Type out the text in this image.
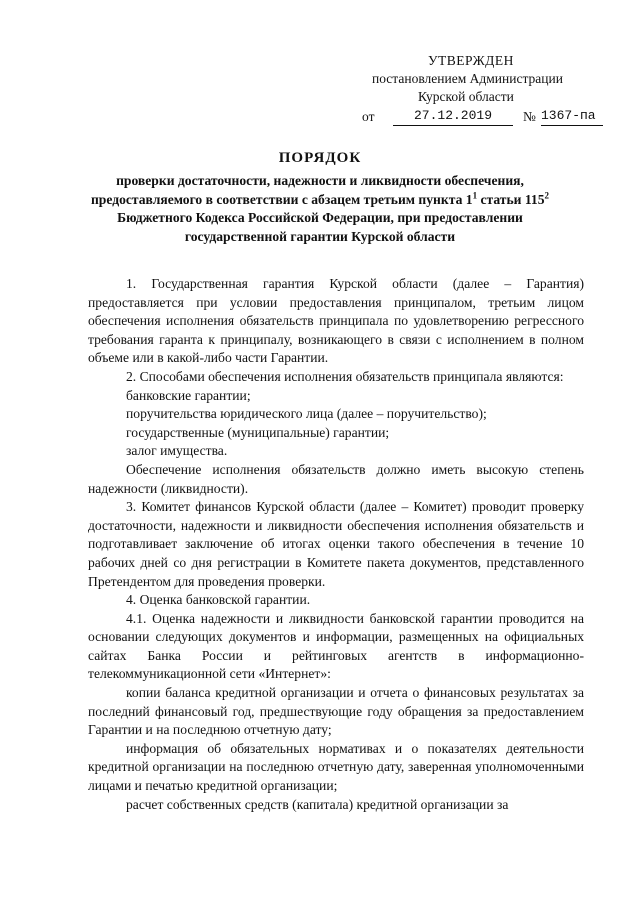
УТВЕРЖДЕН
постановлением Администрации
Курской области
от	27.12.2019	№ 1367-па
ПОРЯДОК
проверки достаточности, надежности и ликвидности обеспечения, предоставляемого в соответствии с абзацем третьим пункта $1^1$ статьи $115^2$ Бюджетного Кодекса Российской Федерации, при предоставлении государственной гарантии Курской области

1. Государственная гарантия Курской области (далее – Гарантия) предоставляется при условии предоставления принципалом, третьим лицом обеспечения исполнения обязательств принципала по удовлетворению регрессного требования гаранта к принципалу, возникающего в связи с исполнением в полном объеме или в какой-либо части Гарантии.

2. Способами обеспечения исполнения обязательств принципала являются:

банковские гарантии;

поручительства юридического лица (далее – поручительство);

государственные (муниципальные) гарантии;

залог имущества.

Обеспечение исполнения обязательств должно иметь высокую степень надежности (ликвидности).

3. Комитет финансов Курской области (далее – Комитет) проводит проверку достаточности, надежности и ликвидности обеспечения исполнения обязательств и подготавливает заключение об итогах оценки такого обеспечения в течение 10 рабочих дней со дня регистрации в Комитете пакета документов, представленного Претендентом для проведения проверки.

4. Оценка банковской гарантии.

4.1. Оценка надежности и ликвидности банковской гарантии проводится на основании следующих документов и информации, размещенных на официальных сайтах Банка России и рейтинговых агентств в информационно-телекоммуникационной сети «Интернет»:

копии баланса кредитной организации и отчета о финансовых результатах за последний финансовый год, предшествующие году обращения за предоставлением Гарантии и на последнюю отчетную дату;

информация об обязательных нормативах и о показателях деятельности кредитной организации на последнюю отчетную дату, заверенная уполномоченными лицами и печатью кредитной организации;

расчет собственных средств (капитала) кредитной организации за
